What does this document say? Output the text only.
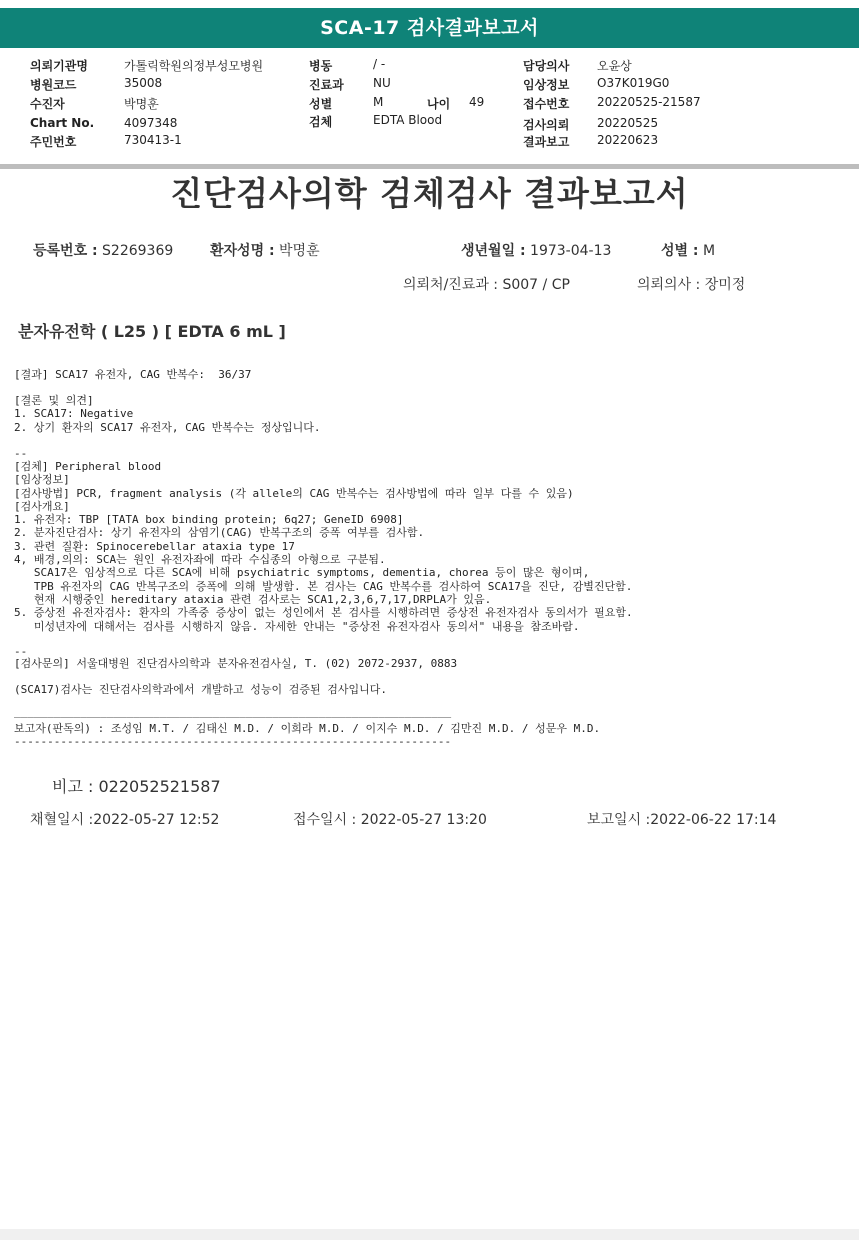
SCA-17 검사결과보고서
의뢰기관명	가톨릭학원의정부성모병원
병원코드	35008
수진자	박명훈
Chart No. 4097348
주민번호	730413-1
병동	/ -
진료과 NU
성별	M	나이 49
검체	EDTA Blood
담당의사 오윤상
임상정보 O37K019G0
접수번호 20220525-21587
검사의뢰 20220525
결과보고 20220623
진단검사의학 검체검사 결과보고서
등록번호 : S2269369	환자성명 : 박명훈	생년월일 : 1973-04-13	성별 : M
의뢰처/진료과 : S007 / CP	의뢰의사 : 장미정
분자유전학 ( L25 ) [ EDTA 6 mL ]
[결과] SCA17 유전자, CAG 반복수:  36/37
[결론 및 의견]
1. SCA17: Negative
2. 상기 환자의 SCA17 유전자, CAG 반복수는 정상입니다.
--
[검체] Peripheral blood
[임상정보]
[검사방법] PCR, fragment analysis (각 allele의 CAG 반복수는 검사방법에 따라 일부 다를 수 있음)
[검사개요]
1. 유전자: TBP [TATA box binding protein; 6q27; GeneID 6908]
2. 분자진단검사: 상기 유전자의 삼염기(CAG) 반복구조의 증폭 여부를 검사함.
3. 관련 질환: Spinocerebellar ataxia type 17
4, 배경,의의: SCA는 원인 유전자좌에 따라 수십종의 아형으로 구분됨.
SCA17은 임상적으로 다른 SCA에 비해 psychiatric symptoms, dementia, chorea 등이 많은 형이며,
TPB 유전자의 CAG 반복구조의 증폭에 의해 발생함. 본 검사는 CAG 반복수를 검사하여 SCA17을 진단, 감별진단함.
현재 시행중인 hereditary ataxia 관련 검사로는 SCA1,2,3,6,7,17,DRPLA가 있음.
5. 증상전 유전자검사: 환자의 가족중 증상이 없는 성인에서 본 검사를 시행하려면 증상전 유전자검사 동의서가 필요함.
미성년자에 대해서는 검사를 시행하지 않음. 자세한 안내는 "증상전 유전자검사 동의서" 내용을 참조바람.
--
[검사문의] 서울대병원 진단검사의학과 분자유전검사실, T. (02) 2072-2937, 0883
(SCA17)검사는 진단검사의학과에서 개발하고 성능이 검증된 검사입니다.
__________________________________________________________________
보고자(판독의) : 조성임 M.T. / 김태신 M.D. / 이희라 M.D. / 이지수 M.D. / 김만진 M.D. / 성문우 M.D.
------------------------------------------------------------------
비고 : 022052521587
채혈일시 :2022-05-27 12:52	접수일시 : 2022-05-27 13:20	보고일시 :2022-06-22 17:14
